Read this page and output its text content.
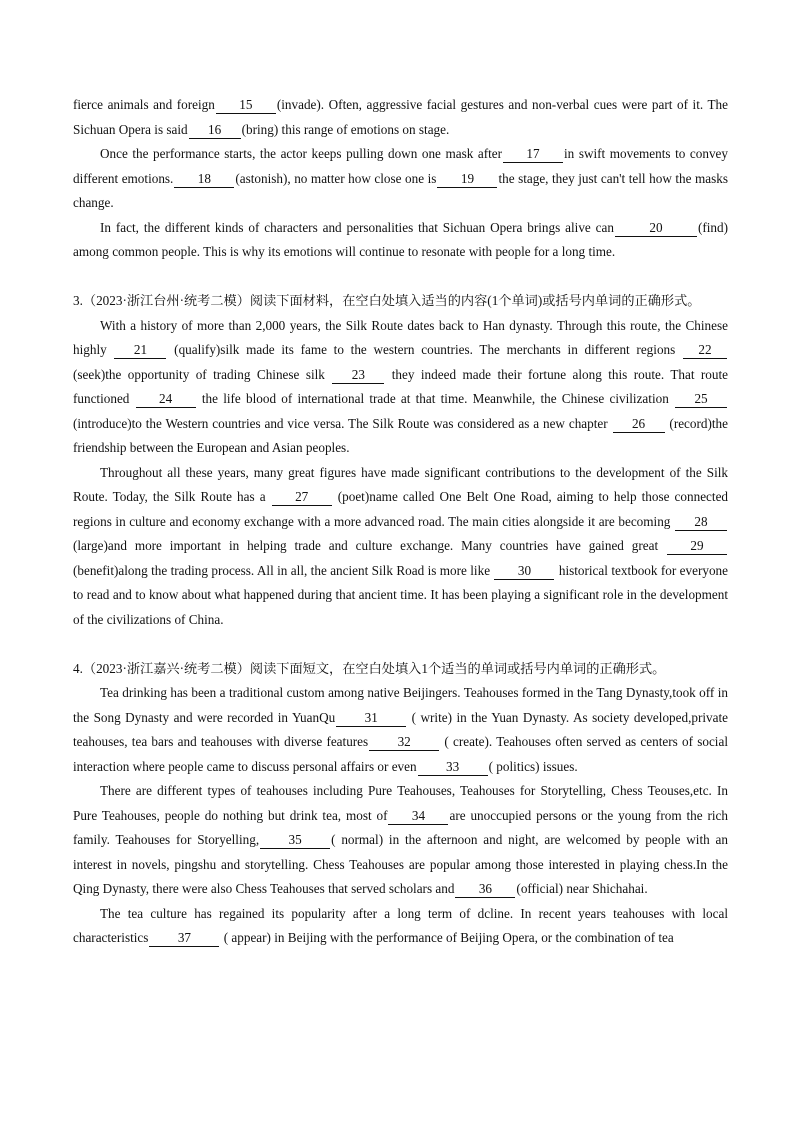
fierce animals and foreign 15 (invade). Often, aggressive facial gestures and non-verbal cues were part of it. The Sichuan Opera is said 16 (bring) this range of emotions on stage.

Once the performance starts, the actor keeps pulling down one mask after 17 in swift movements to convey different emotions. 18 (astonish), no matter how close one is 19 the stage, they just can't tell how the masks change.

In fact, the different kinds of characters and personalities that Sichuan Opera brings alive can	20	(find) among common people. This is why its emotions will continue to resonate with people for a long time.

3.（2023·浙江台州·统考二模）阅读下面材料，在空白处填入适当的内容(1个单词)或括号内单词的正确形式。

With a history of more than 2,000 years, the Silk Route dates back to Han dynasty. Through this route, the Chinese highly 21 (qualify)silk made its fame to the western countries. The merchants in different regions 22 (seek)the opportunity of trading Chinese silk 23 they indeed made their fortune along this route. That route functioned 24 the life blood of international trade at that time. Meanwhile, the Chinese civilization 25 (introduce)to the Western countries and vice versa. The Silk Route was considered as a new chapter 26 (record)the friendship between the European and Asian peoples.

Throughout all these years, many great figures have made significant contributions to the development of the Silk Route. Today, the Silk Route has a 27 (poet)name called One Belt One Road, aiming to help those connected regions in culture and economy exchange with a more advanced road. The main cities alongside it are becoming 28 (large)and more important in helping trade and culture exchange. Many countries have gained great 29 (benefit)along the trading process. All in all, the ancient Silk Road is more like 30 historical textbook for everyone to read and to know about what happened during that ancient time. It has been playing a significant role in the development of the civilizations of China.

4.（2023·浙江嘉兴·统考二模）阅读下面短文，在空白处填入1个适当的单词或括号内单词的正确形式。

Tea drinking has been a traditional custom among native Beijingers. Teahouses formed in the Tang Dynasty,took off in the Song Dynasty and were recorded in YuanQu 31	( write) in the Yuan Dynasty. As society developed,private teahouses, tea bars and teahouses with diverse features 32	( create). Teahouses often served as centers of social interaction where people came to discuss personal affairs or even 33 ( politics) issues.

There are different types of teahouses including Pure Teahouses, Teahouses for Storytelling, Chess Teouses,etc. In Pure Teahouses, people do nothing but drink tea, most of 34 are unoccupied persons or the young from the rich family. Teahouses for Storyelling, 35 ( normal) in the afternoon and night, are welcomed by people with an interest in novels, pingshu and storytelling. Chess Teahouses are popular among those interested in playing chess.In the Qing Dynasty, there were also Chess Teahouses that served scholars and 36 (official) near Shichahai.

The tea culture has regained its popularity after a long term of dcline. In recent years teahouses with local characteristics 37 ( appear) in Beijing with the performance of Beijing Opera, or the combination of tea
